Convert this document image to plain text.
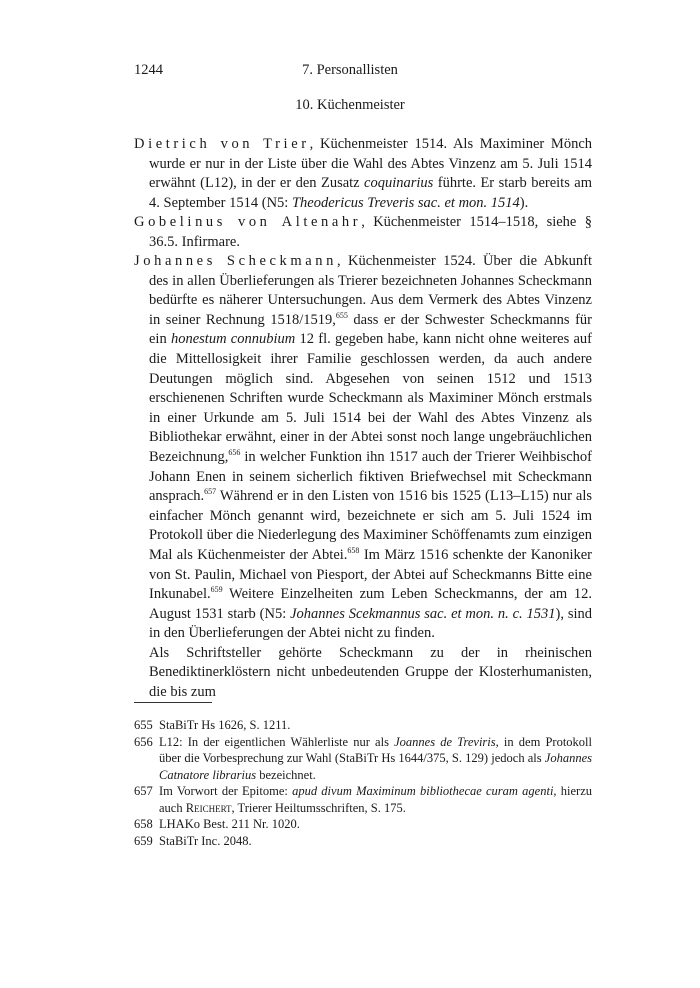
1244	7. Personallisten
10. Küchenmeister

Dietrich von Trier, Küchenmeister 1514. Als Maximiner Mönch wurde er nur in der Liste über die Wahl des Abtes Vinzenz am 5. Juli 1514 erwähnt (L12), in der er den Zusatz coquinarius führte. Er starb bereits am 4. September 1514 (N5: Theodericus Treveris sac. et mon. 1514).

Gobelinus von Altenahr, Küchenmeister 1514–1518, siehe § 36.5. Infirmare.

Johannes Scheckmann, Küchenmeister 1524. Über die Abkunft des in allen Überlieferungen als Trierer bezeichneten Johannes Scheckmann bedürfte es näherer Untersuchungen. Aus dem Vermerk des Abtes Vinzenz in seiner Rechnung 1518/1519,$^{655}$ dass er der Schwester Scheckmanns für ein honestum connubium 12 fl. gegeben habe, kann nicht ohne weiteres auf die Mittellosigkeit ihrer Familie geschlossen werden, da auch andere Deutungen möglich sind. Abgesehen von seinen 1512 und 1513 erschienenen Schriften wurde Scheckmann als Maximiner Mönch erstmals in einer Urkunde am 5. Juli 1514 bei der Wahl des Abtes Vinzenz als Bibliothekar erwähnt, einer in der Abtei sonst noch lange ungebräuchlichen Bezeichnung,$^{656}$ in welcher Funktion ihn 1517 auch der Trierer Weihbischof Johann Enen in seinem sicherlich fiktiven Briefwechsel mit Scheckmann ansprach.$^{657}$ Während er in den Listen von 1516 bis 1525 (L13–L15) nur als einfacher Mönch genannt wird, bezeichnete er sich am 5. Juli 1524 im Protokoll über die Niederlegung des Maximiner Schöffenamts zum einzigen Mal als Küchenmeister der Abtei.$^{658}$ Im März 1516 schenkte der Kanoniker von St. Paulin, Michael von Piesport, der Abtei auf Scheckmanns Bitte eine Inkunabel.$^{659}$ Weitere Einzelheiten zum Leben Scheckmanns, der am 12. August 1531 starb (N5: Johannes Scekmannus sac. et mon. n. c. 1531), sind in den Überlieferungen der Abtei nicht zu finden.

Als Schriftsteller gehörte Scheckmann zu der in rheinischen Benediktinerklöstern nicht unbedeutenden Gruppe der Klosterhumanisten, die bis zum

655 StaBiTr Hs 1626, S. 1211.
656 L12: In der eigentlichen Wählerliste nur als Joannes de Treviris, in dem Protokoll über die Vorbesprechung zur Wahl (StaBiTr Hs 1644/375, S. 129) jedoch als Johannes Catnatore librarius bezeichnet.
657 Im Vorwort der Epitome: apud divum Maximinum bibliothecae curam agenti, hierzu auch Reichert, Trierer Heiltumsschriften, S. 175.
658 LHAKo Best. 211 Nr. 1020.
659 StaBiTr Inc. 2048.
